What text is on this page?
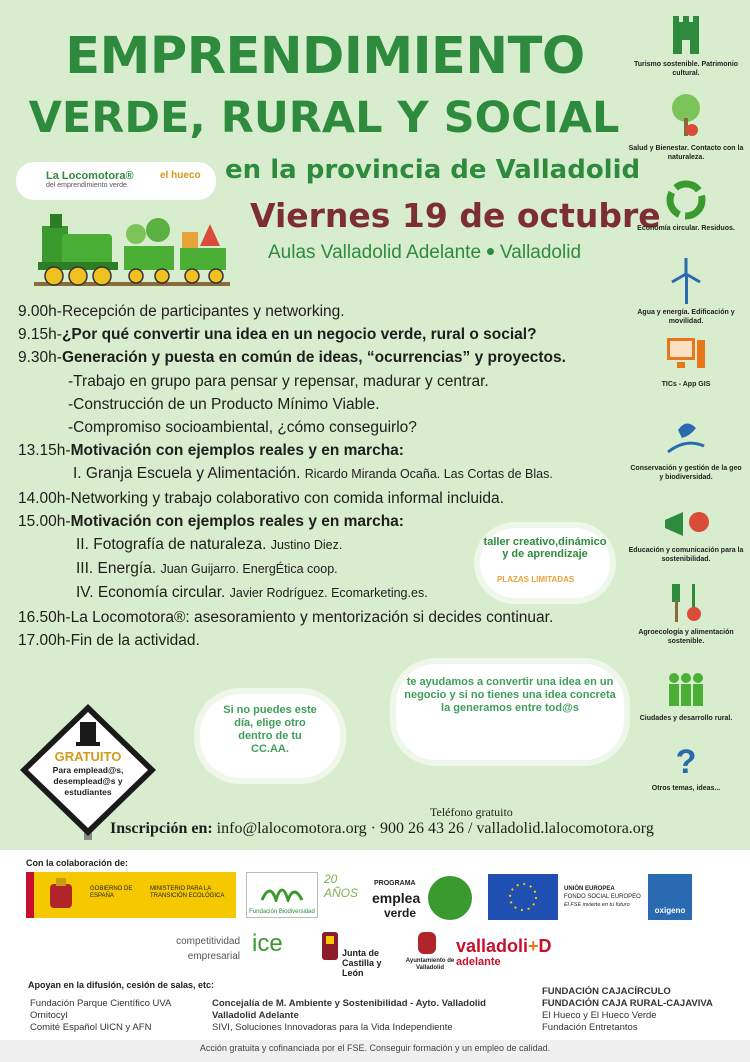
EMPRENDIMIENTO
VERDE, RURAL Y SOCIAL
La Locomotora®
del emprendimiento verde.
el hueco en la provincia de Valladolid
Viernes 19 de octubre
Aulas Valladolid Adelante Valladolid
9.00h-Recepción de participantes y networking.
9.15h-¿Por qué convertir una idea en un negocio verde, rural o social?
9.30h-Generación y puesta en común de ideas, “ocurrencias” y proyectos.
-Trabajo en grupo para pensar y repensar, madurar y centrar.
-Construcción de un Producto Mínimo Viable.
-Compromiso socioambiental, ¿cómo conseguirlo?
13.15h-Motivación con ejemplos reales y en marcha:
I. Granja Escuela y Alimentación. Ricardo Miranda Ocaña. Las Cortas de Blas.
14.00h-Networking y trabajo colaborativo con comida informal incluida.
15.00h-Motivación con ejemplos reales y en marcha:
II. Fotografía de naturaleza. Justino Diez.
III. Energía. Juan Guijarro. EnergÉtica coop.
IV. Economía circular. Javier Rodríguez. Ecomarketing.es.
16.50h-La Locomotora®: asesoramiento y mentorización si decides continuar.
17.00h-Fin de la actividad.
taller creativo,dinámico y de aprendizaje
PLAZAS LIMITADAS
Si no puedes este día, elige otro dentro de tu CC.AA.
te ayudamos a convertir una idea en un negocio y si no tienes una idea concreta la generamos entre tod@s
GRATUITO
Para emplead@s, desemplead@s y estudiantes
Teléfono gratuito
Inscripción en: info@lalocomotora.org · 900 26 43 26 / valladolid.lalocomotora.org
Turismo sostenible. Patrimonio cultural.
Salud y Bienestar. Contacto con la naturaleza.
Economía circular. Residuos.
Agua y energía. Edificación y movilidad.
TICs - App GIS
Conservación y gestión de la geo y biodiversidad.
Educación y comunicación para la sostenibilidad.
Agroecología y alimentación sostenible.
Ciudades y desarrollo rural.
?
Otros temas, ideas...
Con la colaboración de:
GOBIERNO DE ESPAÑA
MINISTERIO PARA LA TRANSICIÓN ECOLÓGICA
Fundación Biodiversidad
20 AÑOS
PROGRAMA
emplea
verde
UNIÓN EUROPEA
FONDO SOCIAL EUROPEO
El FSE invierte en tu futuro
oxigeno
competitividad empresarial ice	Junta de Castilla y León
Ayuntamiento de Valladolid
valladoli+D
adelante
Apoyan en la difusión, cesión de salas, etc:
Fundación Parque Científico UVA
Ornitocyl
Comité Español UICN y AFN
Concejalía de M. Ambiente y Sostenibilidad - Ayto. Valladolid
Valladolid Adelante
SIVI, Soluciones Innovadoras para la Vida Independiente
FUNDACIÓN CAJACÍRCULO
FUNDACIÓN CAJA RURAL-CAJAVIVA
El Hueco y El Hueco Verde
Fundación Entretantos
Acción gratuita y cofinanciada por el FSE. Conseguir formación y un empleo de calidad.
